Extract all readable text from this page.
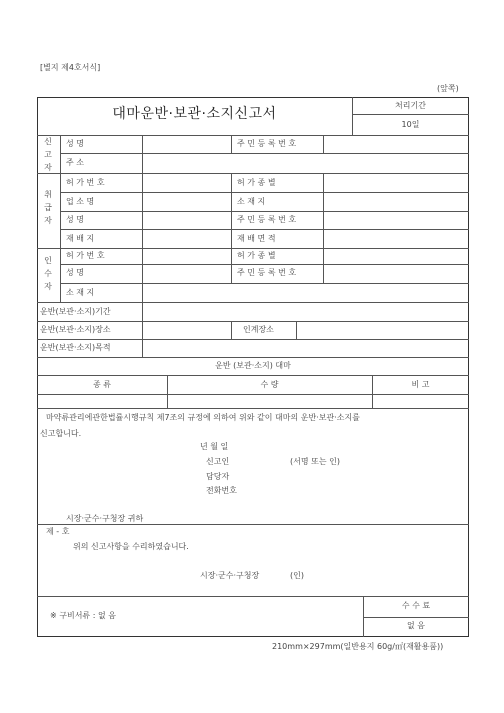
[별지 제4호서식]
(앞쪽)
대마운반·보관·소지신고서
처리기간
10일
신
고
자
성 명	주 민 등 록 번 호
주 소
취
급
자
허 가 번 호	허 가 종 별
업 소 명	소 재 지
성 명	주 민 등 록 번 호
재 배 지	재 배 면 적
인
수
자
허 가 번 호	허 가 종 별
성 명	주 민 등 록 번 호
소 재 지
운반(보관·소지)기간
운반(보관·소지)장소	인계장소
운반(보관·소지)목적
운반 (보관·소지) 대마
종 류	수 량	비 고
마약류관리에관한법률시행규칙 제7조의 규정에 의하여 위와 같이 대마의 운반·보관·소지를
신고합니다.
년 월 일
신고인	(서명 또는 인)
담당자
전화번호
시장·군수·구청장 귀하
제 - 호
위의 신고사항을 수리하였습니다.
시장·군수·구청장	(인)
※ 구비서류 : 없 음
수 수 료
없 음
210mm×297mm(일반용지 60g/㎡(재활용품))
